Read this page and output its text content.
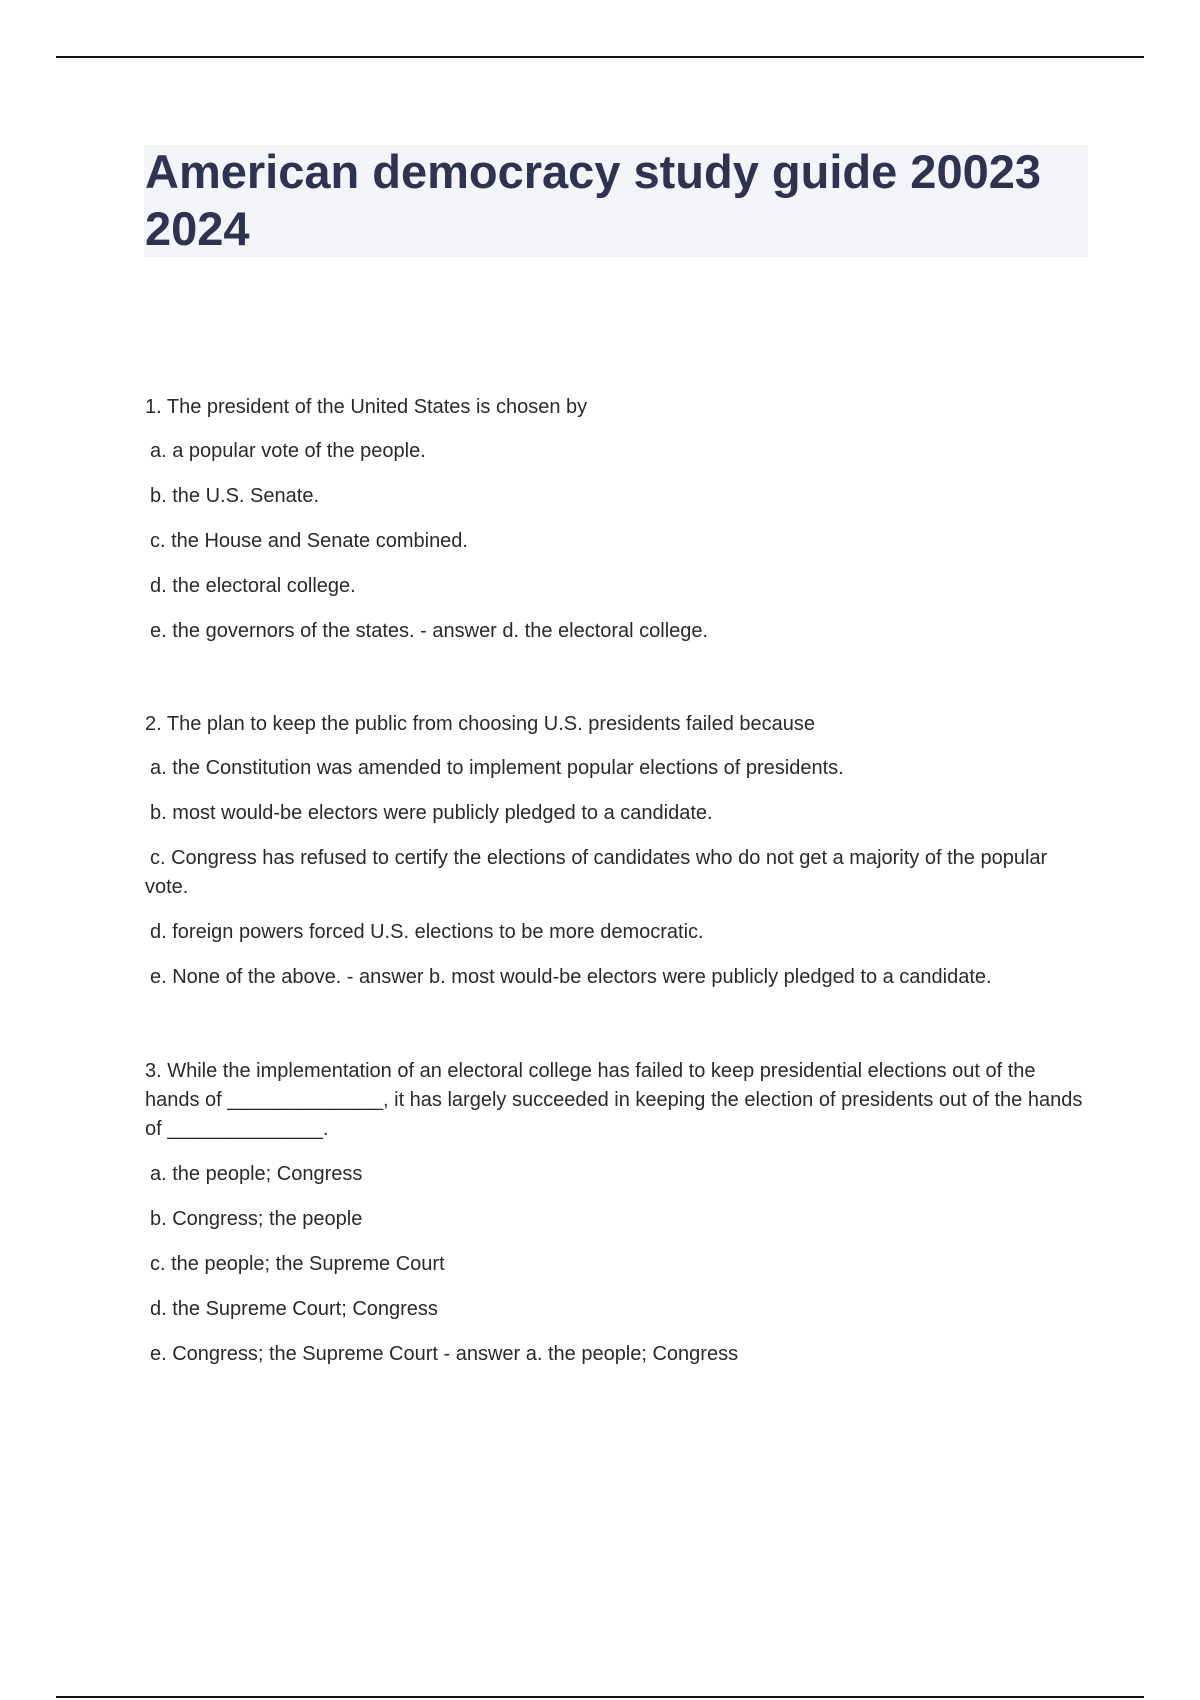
American democracy study guide 20023 2024
1. The president of the United States is chosen by
a. a popular vote of the people.
b. the U.S. Senate.
c. the House and Senate combined.
d. the electoral college.
e. the governors of the states. - answer d. the electoral college.
2. The plan to keep the public from choosing U.S. presidents failed because
a. the Constitution was amended to implement popular elections of presidents.
b. most would-be electors were publicly pledged to a candidate.
c. Congress has refused to certify the elections of candidates who do not get a majority of the popular vote.
d. foreign powers forced U.S. elections to be more democratic.
e. None of the above. - answer b. most would-be electors were publicly pledged to a candidate.
3. While the implementation of an electoral college has failed to keep presidential elections out of the hands of ______________, it has largely succeeded in keeping the election of presidents out of the hands of ______________.
a. the people; Congress
b. Congress; the people
c. the people; the Supreme Court
d. the Supreme Court; Congress
e. Congress; the Supreme Court - answer a. the people; Congress
